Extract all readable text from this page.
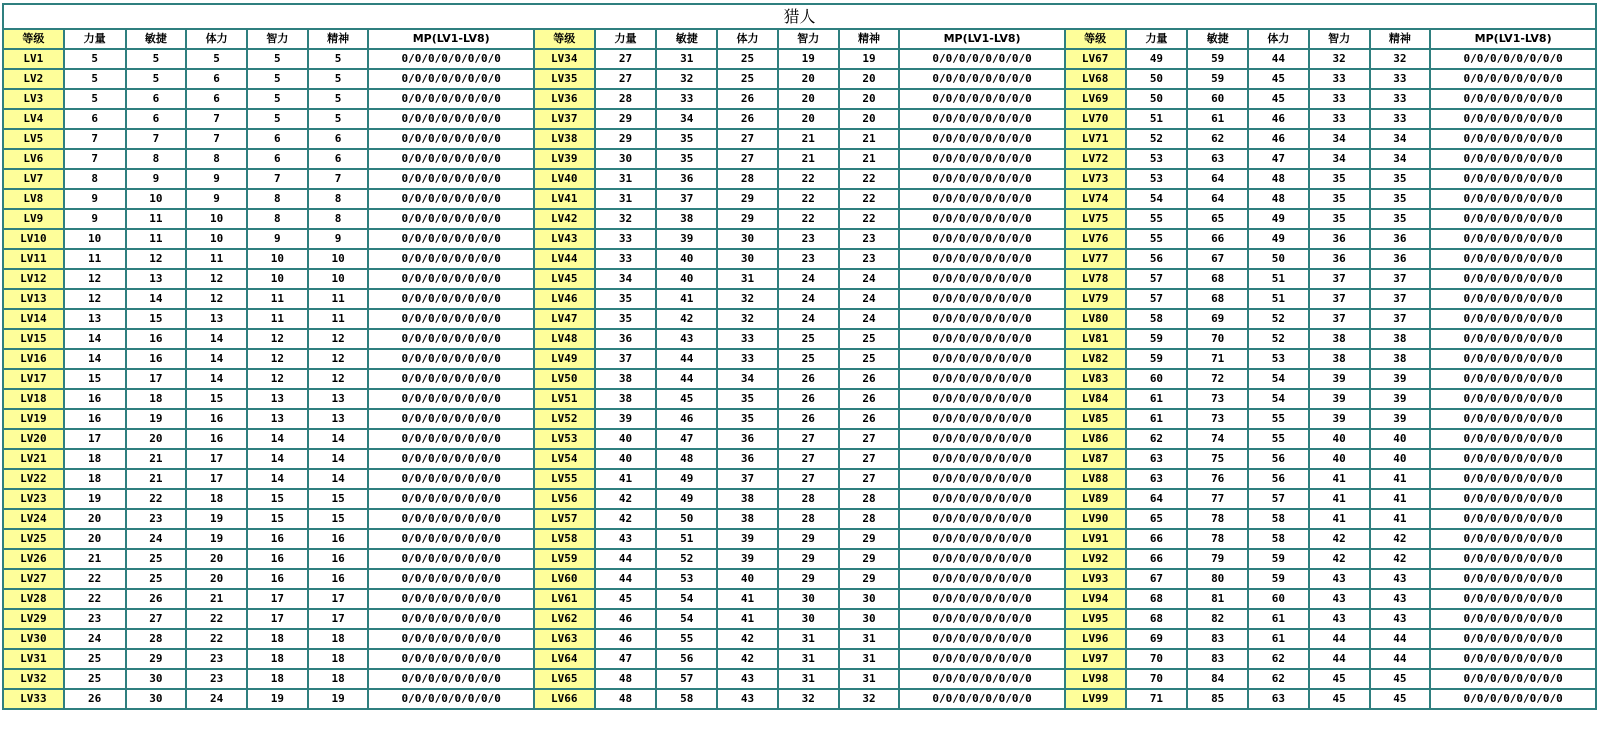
猎人																				
等级	力量	敏捷	体力	智力	精神	MP(LV1-LV8)	等级	力量	敏捷	体力	智力	精神	MP(LV1-LV8)	等级	力量	敏捷	体力	智力	精神	MP(LV1-LV8)
LV1	5	5	5	5	5	0/0/0/0/0/0/0/0	LV34	27	31	25	19	19	0/0/0/0/0/0/0/0	LV67	49	59	44	32	32	0/0/0/0/0/0/0/0
LV2	5	5	6	5	5	0/0/0/0/0/0/0/0	LV35	27	32	25	20	20	0/0/0/0/0/0/0/0	LV68	50	59	45	33	33	0/0/0/0/0/0/0/0
LV3	5	6	6	5	5	0/0/0/0/0/0/0/0	LV36	28	33	26	20	20	0/0/0/0/0/0/0/0	LV69	50	60	45	33	33	0/0/0/0/0/0/0/0
LV4	6	6	7	5	5	0/0/0/0/0/0/0/0	LV37	29	34	26	20	20	0/0/0/0/0/0/0/0	LV70	51	61	46	33	33	0/0/0/0/0/0/0/0
LV5	7	7	7	6	6	0/0/0/0/0/0/0/0	LV38	29	35	27	21	21	0/0/0/0/0/0/0/0	LV71	52	62	46	34	34	0/0/0/0/0/0/0/0
LV6	7	8	8	6	6	0/0/0/0/0/0/0/0	LV39	30	35	27	21	21	0/0/0/0/0/0/0/0	LV72	53	63	47	34	34	0/0/0/0/0/0/0/0
LV7	8	9	9	7	7	0/0/0/0/0/0/0/0	LV40	31	36	28	22	22	0/0/0/0/0/0/0/0	LV73	53	64	48	35	35	0/0/0/0/0/0/0/0
LV8	9	10	9	8	8	0/0/0/0/0/0/0/0	LV41	31	37	29	22	22	0/0/0/0/0/0/0/0	LV74	54	64	48	35	35	0/0/0/0/0/0/0/0
LV9	9	11	10	8	8	0/0/0/0/0/0/0/0	LV42	32	38	29	22	22	0/0/0/0/0/0/0/0	LV75	55	65	49	35	35	0/0/0/0/0/0/0/0
LV10	10	11	10	9	9	0/0/0/0/0/0/0/0	LV43	33	39	30	23	23	0/0/0/0/0/0/0/0	LV76	55	66	49	36	36	0/0/0/0/0/0/0/0
LV11	11	12	11	10	10	0/0/0/0/0/0/0/0	LV44	33	40	30	23	23	0/0/0/0/0/0/0/0	LV77	56	67	50	36	36	0/0/0/0/0/0/0/0
LV12	12	13	12	10	10	0/0/0/0/0/0/0/0	LV45	34	40	31	24	24	0/0/0/0/0/0/0/0	LV78	57	68	51	37	37	0/0/0/0/0/0/0/0
LV13	12	14	12	11	11	0/0/0/0/0/0/0/0	LV46	35	41	32	24	24	0/0/0/0/0/0/0/0	LV79	57	68	51	37	37	0/0/0/0/0/0/0/0
LV14	13	15	13	11	11	0/0/0/0/0/0/0/0	LV47	35	42	32	24	24	0/0/0/0/0/0/0/0	LV80	58	69	52	37	37	0/0/0/0/0/0/0/0
LV15	14	16	14	12	12	0/0/0/0/0/0/0/0	LV48	36	43	33	25	25	0/0/0/0/0/0/0/0	LV81	59	70	52	38	38	0/0/0/0/0/0/0/0
LV16	14	16	14	12	12	0/0/0/0/0/0/0/0	LV49	37	44	33	25	25	0/0/0/0/0/0/0/0	LV82	59	71	53	38	38	0/0/0/0/0/0/0/0
LV17	15	17	14	12	12	0/0/0/0/0/0/0/0	LV50	38	44	34	26	26	0/0/0/0/0/0/0/0	LV83	60	72	54	39	39	0/0/0/0/0/0/0/0
LV18	16	18	15	13	13	0/0/0/0/0/0/0/0	LV51	38	45	35	26	26	0/0/0/0/0/0/0/0	LV84	61	73	54	39	39	0/0/0/0/0/0/0/0
LV19	16	19	16	13	13	0/0/0/0/0/0/0/0	LV52	39	46	35	26	26	0/0/0/0/0/0/0/0	LV85	61	73	55	39	39	0/0/0/0/0/0/0/0
LV20	17	20	16	14	14	0/0/0/0/0/0/0/0	LV53	40	47	36	27	27	0/0/0/0/0/0/0/0	LV86	62	74	55	40	40	0/0/0/0/0/0/0/0
LV21	18	21	17	14	14	0/0/0/0/0/0/0/0	LV54	40	48	36	27	27	0/0/0/0/0/0/0/0	LV87	63	75	56	40	40	0/0/0/0/0/0/0/0
LV22	18	21	17	14	14	0/0/0/0/0/0/0/0	LV55	41	49	37	27	27	0/0/0/0/0/0/0/0	LV88	63	76	56	41	41	0/0/0/0/0/0/0/0
LV23	19	22	18	15	15	0/0/0/0/0/0/0/0	LV56	42	49	38	28	28	0/0/0/0/0/0/0/0	LV89	64	77	57	41	41	0/0/0/0/0/0/0/0
LV24	20	23	19	15	15	0/0/0/0/0/0/0/0	LV57	42	50	38	28	28	0/0/0/0/0/0/0/0	LV90	65	78	58	41	41	0/0/0/0/0/0/0/0
LV25	20	24	19	16	16	0/0/0/0/0/0/0/0	LV58	43	51	39	29	29	0/0/0/0/0/0/0/0	LV91	66	78	58	42	42	0/0/0/0/0/0/0/0
LV26	21	25	20	16	16	0/0/0/0/0/0/0/0	LV59	44	52	39	29	29	0/0/0/0/0/0/0/0	LV92	66	79	59	42	42	0/0/0/0/0/0/0/0
LV27	22	25	20	16	16	0/0/0/0/0/0/0/0	LV60	44	53	40	29	29	0/0/0/0/0/0/0/0	LV93	67	80	59	43	43	0/0/0/0/0/0/0/0
LV28	22	26	21	17	17	0/0/0/0/0/0/0/0	LV61	45	54	41	30	30	0/0/0/0/0/0/0/0	LV94	68	81	60	43	43	0/0/0/0/0/0/0/0
LV29	23	27	22	17	17	0/0/0/0/0/0/0/0	LV62	46	54	41	30	30	0/0/0/0/0/0/0/0	LV95	68	82	61	43	43	0/0/0/0/0/0/0/0
LV30	24	28	22	18	18	0/0/0/0/0/0/0/0	LV63	46	55	42	31	31	0/0/0/0/0/0/0/0	LV96	69	83	61	44	44	0/0/0/0/0/0/0/0
LV31	25	29	23	18	18	0/0/0/0/0/0/0/0	LV64	47	56	42	31	31	0/0/0/0/0/0/0/0	LV97	70	83	62	44	44	0/0/0/0/0/0/0/0
LV32	25	30	23	18	18	0/0/0/0/0/0/0/0	LV65	48	57	43	31	31	0/0/0/0/0/0/0/0	LV98	70	84	62	45	45	0/0/0/0/0/0/0/0
LV33	26	30	24	19	19	0/0/0/0/0/0/0/0	LV66	48	58	43	32	32	0/0/0/0/0/0/0/0	LV99	71	85	63	45	45	0/0/0/0/0/0/0/0
